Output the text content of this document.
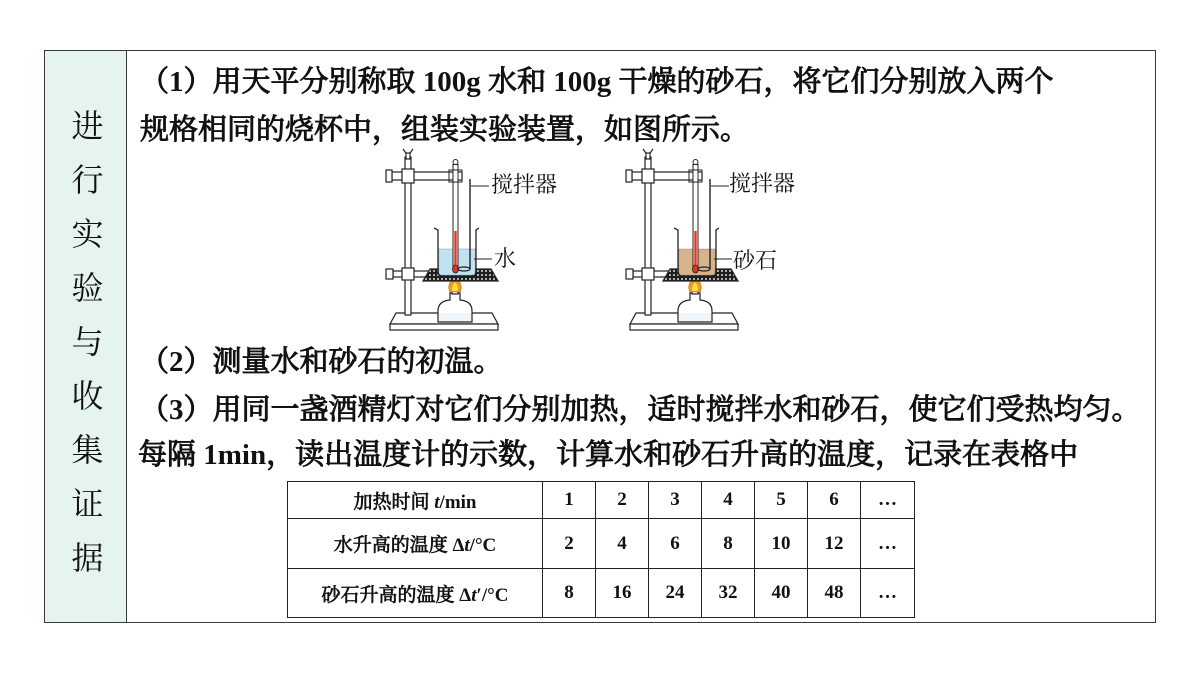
进行实验与收集证据
（1）用天平分别称取 100g 水和 100g 干燥的砂石，将它们分别放入两个
规格相同的烧杯中，组装实验装置，如图所示。
（2）测量水和砂石的初温。
（3）用同一盏酒精灯对它们分别加热，适时搅拌水和砂石，使它们受热均匀。
每隔 1min，读出温度计的示数，计算水和砂石升高的温度，记录在表格中
搅拌器
水
搅拌器
砂石
加热时间 t/min	1	2	3	4	5	6	…
水升高的温度 Δt/°C	2	4	6	8	10	12	…
砂石升高的温度 Δt′/°C	8	16	24	32	40	48	…
